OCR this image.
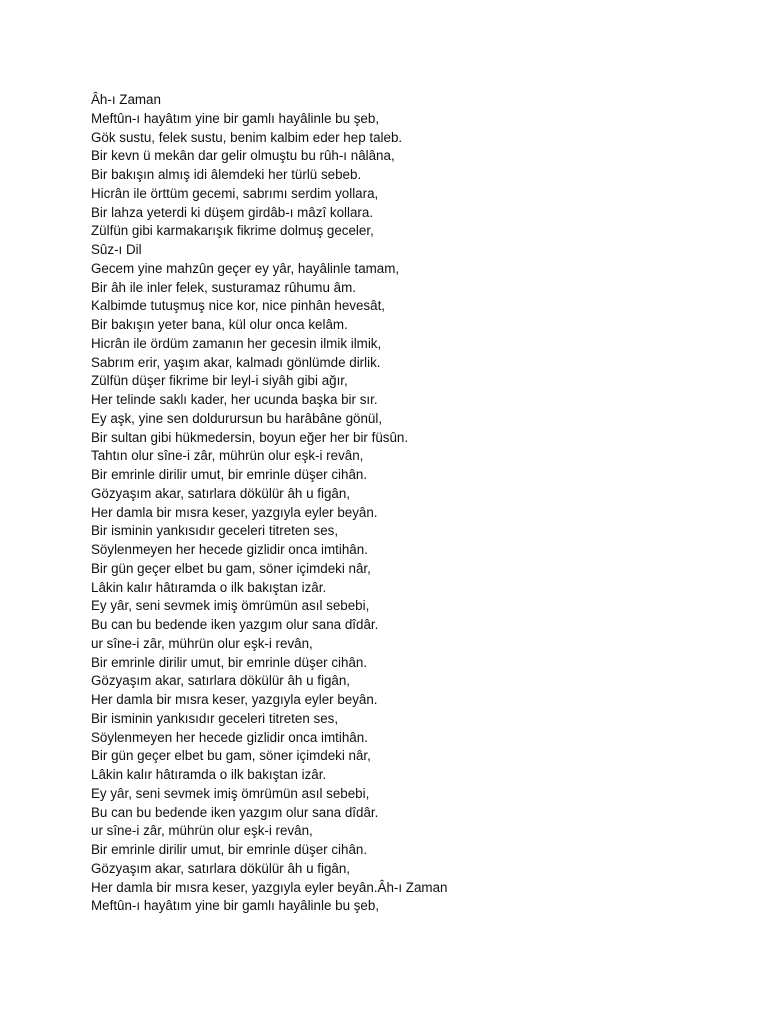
Âh-ı Zaman
Meftûn-ı hayâtım yine bir gamlı hayâlinle bu şeb,
Gök sustu, felek sustu, benim kalbim eder hep taleb.
Bir kevn ü mekân dar gelir olmuştu bu rûh-ı nâlâna,
Bir bakışın almış idi âlemdeki her türlü sebeb.
Hicrân ile örttüm gecemi, sabrımı serdim yollara,
Bir lahza yeterdi ki düşem girdâb-ı mâzî kollara.
Zülfün gibi karmakarışık fikrime dolmuş geceler,
Sûz-ı Dil
Gecem yine mahzûn geçer ey yâr, hayâlinle tamam,
Bir âh ile inler felek, susturamaz rûhumu âm.
Kalbimde tutuşmuş nice kor, nice pinhân hevesât,
Bir bakışın yeter bana, kül olur onca kelâm.
Hicrân ile ördüm zamanın her gecesin ilmik ilmik,
Sabrım erir, yaşım akar, kalmadı gönlümde dirlik.
Zülfün düşer fikrime bir leyl-i siyâh gibi ağır,
Her telinde saklı kader, her ucunda başka bir sır.
Ey aşk, yine sen doldurursun bu harâbâne gönül,
Bir sultan gibi hükmedersin, boyun eğer her bir füsûn.
Tahtın olur sîne-i zâr, mührün olur eşk-i revân,
Bir emrinle dirilir umut, bir emrinle düşer cihân.
Gözyaşım akar, satırlara dökülür âh u figân,
Her damla bir mısra keser, yazgıyla eyler beyân.
Bir isminin yankısıdır geceleri titreten ses,
Söylenmeyen her hecede gizlidir onca imtihân.
Bir gün geçer elbet bu gam, söner içimdeki nâr,
Lâkin kalır hâtıramda o ilk bakıştan izâr.
Ey yâr, seni sevmek imiş ömrümün asıl sebebi,
Bu can bu bedende iken yazgım olur sana dîdâr.
ur sîne-i zâr, mührün olur eşk-i revân,
Bir emrinle dirilir umut, bir emrinle düşer cihân.
Gözyaşım akar, satırlara dökülür âh u figân,
Her damla bir mısra keser, yazgıyla eyler beyân.
Bir isminin yankısıdır geceleri titreten ses,
Söylenmeyen her hecede gizlidir onca imtihân.
Bir gün geçer elbet bu gam, söner içimdeki nâr,
Lâkin kalır hâtıramda o ilk bakıştan izâr.
Ey yâr, seni sevmek imiş ömrümün asıl sebebi,
Bu can bu bedende iken yazgım olur sana dîdâr.
ur sîne-i zâr, mührün olur eşk-i revân,
Bir emrinle dirilir umut, bir emrinle düşer cihân.
Gözyaşım akar, satırlara dökülür âh u figân,
Her damla bir mısra keser, yazgıyla eyler beyân.Âh-ı Zaman
Meftûn-ı hayâtım yine bir gamlı hayâlinle bu şeb,
